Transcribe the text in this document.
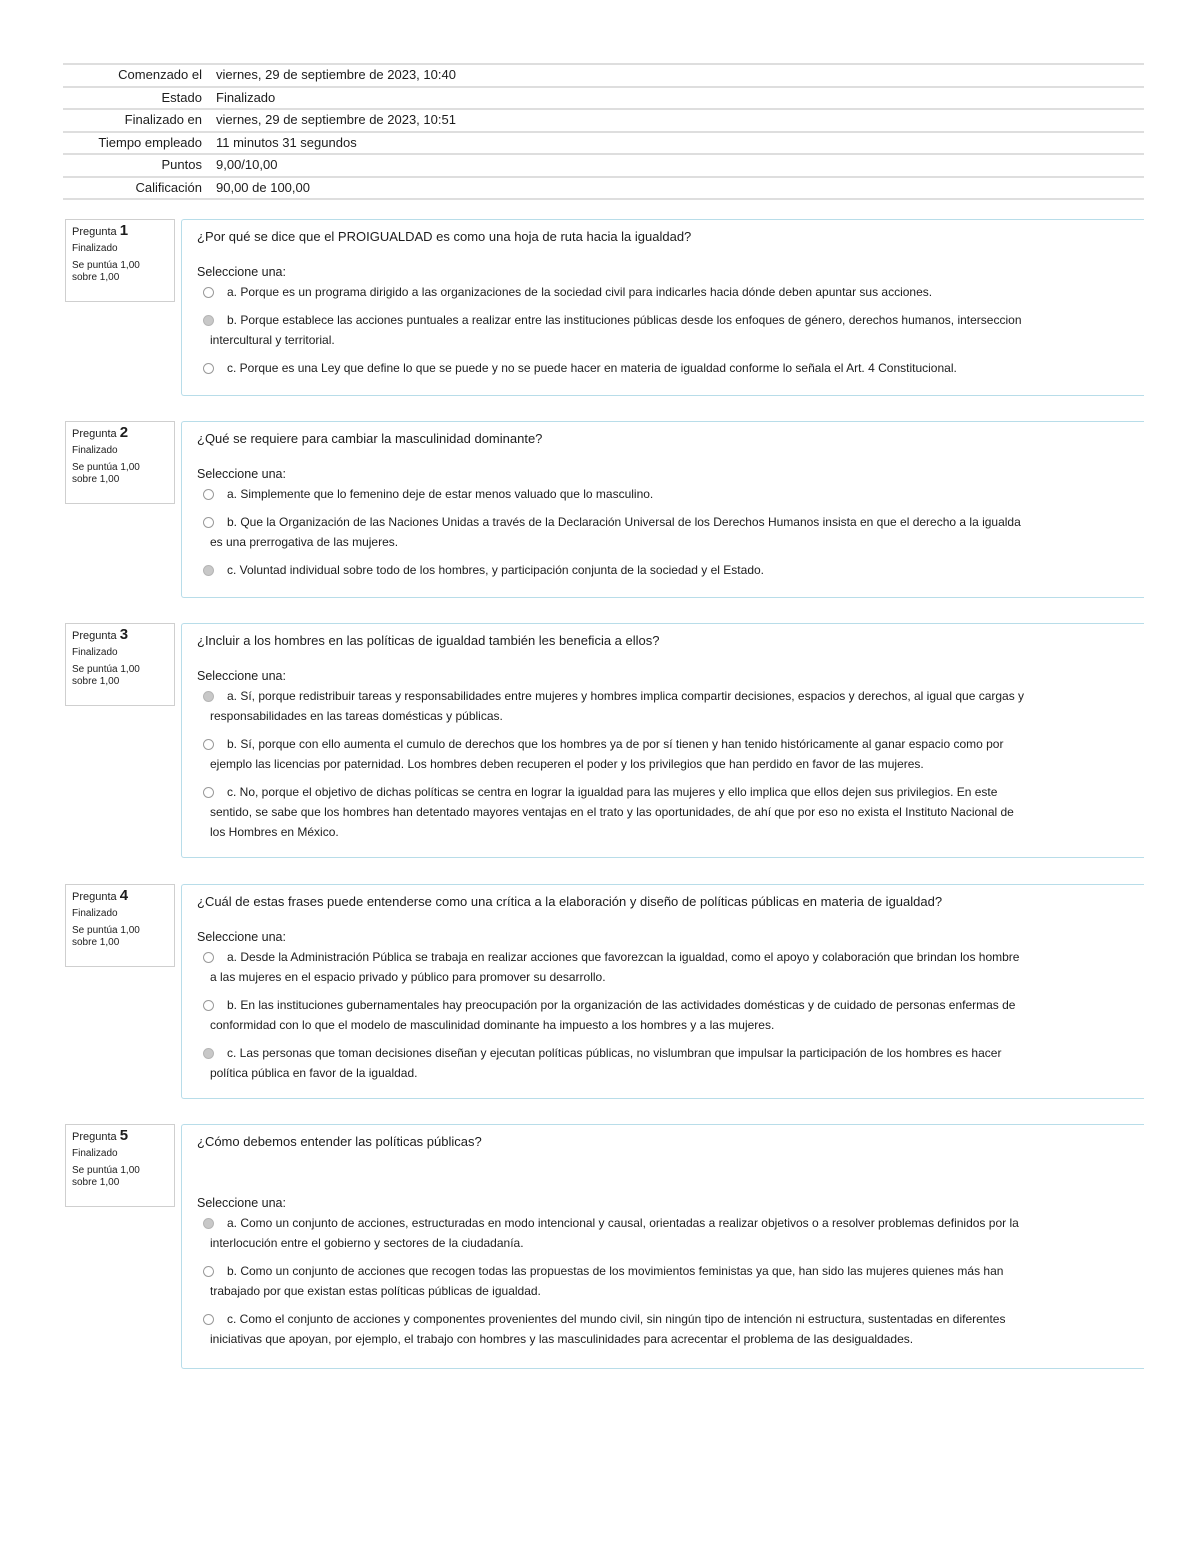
Comenzado el	viernes, 29 de septiembre de 2023, 10:40
Estado	Finalizado
Finalizado en	viernes, 29 de septiembre de 2023, 10:51
Tiempo empleado	11 minutos 31 segundos
Puntos	9,00/10,00
Calificación	90,00 de 100,00
Pregunta 1
Finalizado
Se puntúa 1,00
sobre 1,00
¿Por qué se dice que el PROIGUALDAD es como una hoja de ruta hacia la igualdad?
Seleccione una:
a. Porque es un programa dirigido a las organizaciones de la sociedad civil para indicarles hacia dónde deben apuntar sus acciones.
b. Porque establece las acciones puntuales a realizar entre las instituciones públicas desde los enfoques de género, derechos humanos, interseccion
intercultural y territorial.
c. Porque es una Ley que define lo que se puede y no se puede hacer en materia de igualdad conforme lo señala el Art. 4 Constitucional.
Pregunta 2
Finalizado
Se puntúa 1,00
sobre 1,00
¿Qué se requiere para cambiar la masculinidad dominante?
Seleccione una:
a. Simplemente que lo femenino deje de estar menos valuado que lo masculino.
b. Que la Organización de las Naciones Unidas a través de la Declaración Universal de los Derechos Humanos insista en que el derecho a la igualda
es una prerrogativa de las mujeres.
c. Voluntad individual sobre todo de los hombres, y participación conjunta de la sociedad y el Estado.
Pregunta 3
Finalizado
Se puntúa 1,00
sobre 1,00
¿Incluir a los hombres en las políticas de igualdad también les beneficia a ellos?
Seleccione una:
a. Sí, porque redistribuir tareas y responsabilidades entre mujeres y hombres implica compartir decisiones, espacios y derechos, al igual que cargas y
responsabilidades en las tareas domésticas y públicas.
b. Sí, porque con ello aumenta el cumulo de derechos que los hombres ya de por sí tienen y han tenido históricamente al ganar espacio como por
ejemplo las licencias por paternidad. Los hombres deben recuperen el poder y los privilegios que han perdido en favor de las mujeres.
c. No, porque el objetivo de dichas políticas se centra en lograr la igualdad para las mujeres y ello implica que ellos dejen sus privilegios. En este
sentido, se sabe que los hombres han detentado mayores ventajas en el trato y las oportunidades, de ahí que por eso no exista el Instituto Nacional de
los Hombres en México.
Pregunta 4
Finalizado
Se puntúa 1,00
sobre 1,00
¿Cuál de estas frases puede entenderse como una crítica a la elaboración y diseño de políticas públicas en materia de igualdad?
Seleccione una:
a. Desde la Administración Pública se trabaja en realizar acciones que favorezcan la igualdad, como el apoyo y colaboración que brindan los hombre
a las mujeres en el espacio privado y público para promover su desarrollo.
b. En las instituciones gubernamentales hay preocupación por la organización de las actividades domésticas y de cuidado de personas enfermas de
conformidad con lo que el modelo de masculinidad dominante ha impuesto a los hombres y a las mujeres.
c. Las personas que toman decisiones diseñan y ejecutan políticas públicas, no vislumbran que impulsar la participación de los hombres es hacer
política pública en favor de la igualdad.
Pregunta 5
Finalizado
Se puntúa 1,00
sobre 1,00
¿Cómo debemos entender las políticas públicas?
Seleccione una:
a. Como un conjunto de acciones, estructuradas en modo intencional y causal, orientadas a realizar objetivos o a resolver problemas definidos por la
interlocución entre el gobierno y sectores de la ciudadanía.
b. Como un conjunto de acciones que recogen todas las propuestas de los movimientos feministas ya que, han sido las mujeres quienes más han
trabajado por que existan estas políticas públicas de igualdad.
c. Como el conjunto de acciones y componentes provenientes del mundo civil, sin ningún tipo de intención ni estructura, sustentadas en diferentes
iniciativas que apoyan, por ejemplo, el trabajo con hombres y las masculinidades para acrecentar el problema de las desigualdades.
